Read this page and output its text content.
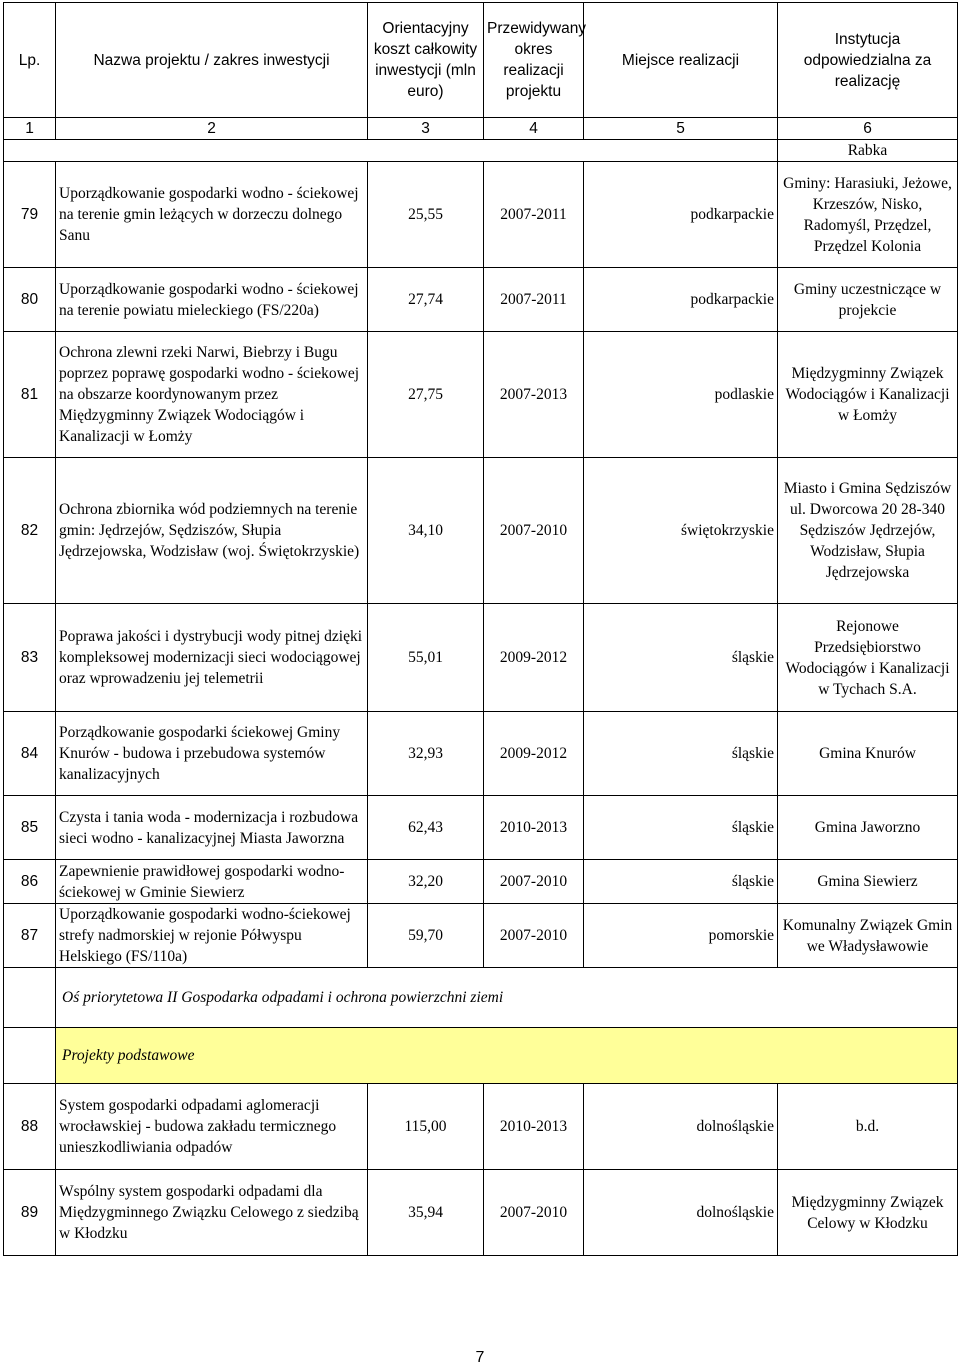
Lp.	Nazwa projektu / zakres inwestycji	Orientacyjny koszt całkowity inwestycji (mln euro)	Przewidywany okres realizacji projektu	Miejsce realizacji	Instytucja odpowiedzialna za realizację
1	2	3	4	5	6
					Rabka
79	Uporządkowanie gospodarki wodno - ściekowej na terenie gmin leżących w dorzeczu dolnego Sanu	25,55	2007-2011	podkarpackie	Gminy: Harasiuki, Jeżowe, Krzeszów, Nisko, Radomyśl, Przędzel, Przędzel Kolonia
80	Uporządkowanie gospodarki wodno - ściekowej na terenie powiatu mieleckiego (FS/220a)	27,74	2007-2011	podkarpackie	Gminy uczestniczące w projekcie
81	Ochrona zlewni rzeki Narwi, Biebrzy i Bugu poprzez poprawę gospodarki wodno - ściekowej na obszarze koordynowanym przez Międzygminny Związek Wodociągów i Kanalizacji w Łomży	27,75	2007-2013	podlaskie	Międzygminny Związek Wodociągów i Kanalizacji w Łomży
82	Ochrona zbiornika wód podziemnych na terenie gmin: Jędrzejów, Sędziszów, Słupia Jędrzejowska, Wodzisław (woj. Świętokrzyskie)	34,10	2007-2010	świętokrzyskie	Miasto i Gmina Sędziszów ul. Dworcowa 20 28-340 Sędziszów Jędrzejów, Wodzisław, Słupia Jędrzejowska
83	Poprawa jakości i dystrybucji wody pitnej dzięki kompleksowej modernizacji sieci wodociągowej oraz wprowadzeniu jej telemetrii	55,01	2009-2012	śląskie	Rejonowe Przedsiębiorstwo Wodociągów i Kanalizacji w Tychach S.A.
84	Porządkowanie gospodarki ściekowej Gminy Knurów - budowa i przebudowa systemów kanalizacyjnych	32,93	2009-2012	śląskie	Gmina Knurów
85	Czysta i tania woda - modernizacja i rozbudowa sieci wodno - kanalizacyjnej Miasta Jaworzna	62,43	2010-2013	śląskie	Gmina Jaworzno
86	Zapewnienie prawidłowej gospodarki wodno-ściekowej w Gminie Siewierz	32,20	2007-2010	śląskie	Gmina Siewierz
87	Uporządkowanie gospodarki wodno-ściekowej strefy nadmorskiej w rejonie Półwyspu Helskiego (FS/110a)	59,70	2007-2010	pomorskie	Komunalny Związek Gmin we Władysławowie
	Oś priorytetowa II Gospodarka odpadami i ochrona powierzchni ziemi				
	Projekty podstawowe				
88	System gospodarki odpadami aglomeracji wrocławskiej - budowa zakładu termicznego unieszkodliwiania odpadów	115,00	2010-2013	dolnośląskie	b.d.
89	Wspólny system gospodarki odpadami dla Międzygminnego Związku Celowego z siedzibą w Kłodzku	35,94	2007-2010	dolnośląskie	Międzygminny Związek Celowy w Kłodzku
7
